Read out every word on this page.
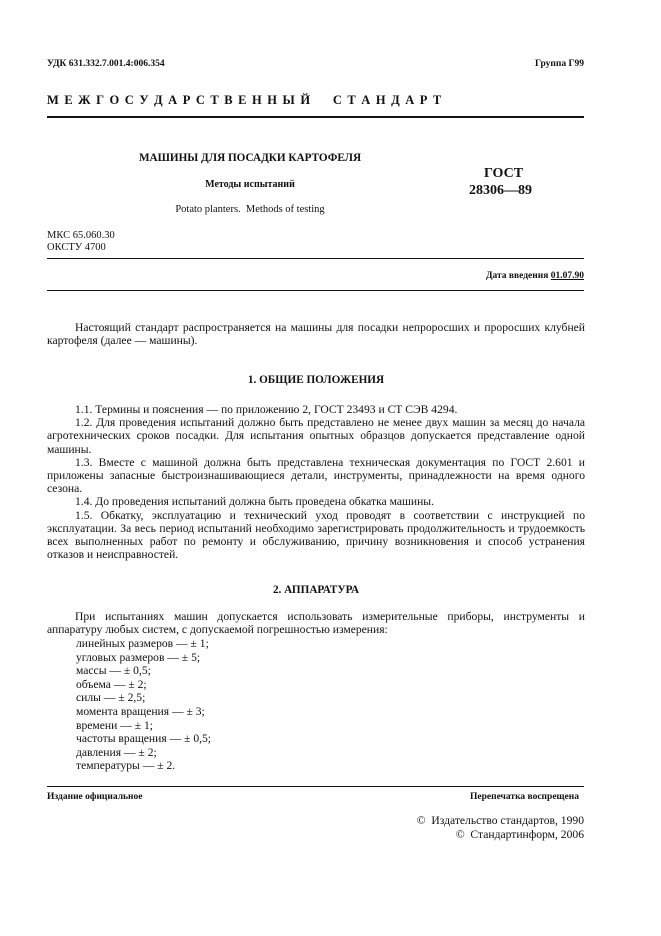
УДК 631.332.7.001.4:006.354	Группа Г99
М Е Ж Г О С У Д А Р С Т В Е Н Н Ы Й     С Т А Н Д А Р Т
МАШИНЫ ДЛЯ ПОСАДКИ КАРТОФЕЛЯ
Методы испытаний
Potato planters.  Methods of testing
ГОСТ
28306—89
МКС 65.060.30
ОКСТУ 4700
Дата введения 01.07.90

Настоящий стандарт распространяется на машины для посадки непроросших и проросших клубней картофеля (далее — машины).

1. ОБЩИЕ ПОЛОЖЕНИЯ

1.1. Термины и пояснения — по приложению 2, ГОСТ 23493 и СТ СЭВ 4294.

1.2. Для проведения испытаний должно быть представлено не менее двух машин за месяц до начала агротехнических сроков посадки. Для испытания опытных образцов допускается представление одной машины.

1.3. Вместе с машиной должна быть представлена техническая документация по ГОСТ 2.601 и приложены запасные быстроизнашивающиеся детали, инструменты, принадлежности на время одного сезона.

1.4. До проведения испытаний должна быть проведена обкатка машины.

1.5. Обкатку, эксплуатацию и технический уход проводят в соответствии с инструкцией по эксплуатации. За весь период испытаний необходимо зарегистрировать продолжительность и трудоемкость всех выполненных работ по ремонту и обслуживанию, причину возникновения и способ устранения отказов и неисправностей.

2. АППАРАТУРА

При испытаниях машин допускается использовать измерительные приборы, инструменты и аппаратуру любых систем, с допускаемой погрешностью измерения:

линейных размеров — ± 1;
угловых размеров — ± 5;
массы — ± 0,5;
объема — ± 2;
силы — ± 2,5;
момента вращения — ± 3;
времени — ± 1;
частоты вращения — ± 0,5;
давления — ± 2;
температуры — ± 2.
Издание официальное	Перепечатка воспрещена
©  Издательство стандартов, 1990
©  Стандартинформ, 2006
